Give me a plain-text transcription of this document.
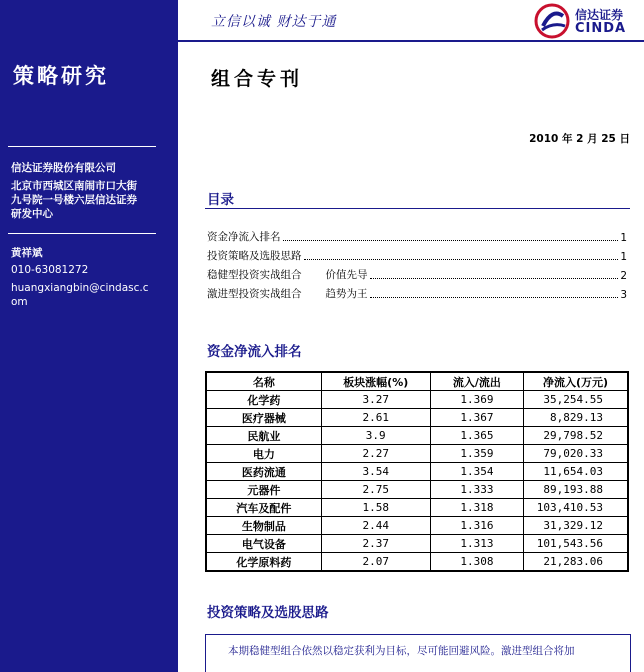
策略研究
信达证券股份有限公司
北京市西城区南闹市口大街
九号院一号楼六层信达证券
研发中心
黄祥斌
010-63081272
huangxiangbin@cindasc.c
om
立信以诚 财达于通	信达证券
CINDA
组合专刊
2010 年 2 月 25 日
目录
资金净流入排名	1
投资策略及选股思路	1
稳健型投资实战组合 价值先导	2
激进型投资实战组合 趋势为王	3
资金净流入排名
名称	板块涨幅(%)	流入/流出	净流入(万元)
化学药	3.27	1.369	35,254.55
医疗器械	2.61	1.367	8,829.13
民航业	3.9	1.365	29,798.52
电力	2.27	1.359	79,020.33
医药流通	3.54	1.354	11,654.03
元器件	2.75	1.333	89,193.88
汽车及配件	1.58	1.318	103,410.53
生物制品	2.44	1.316	31,329.12
电气设备	2.37	1.313	101,543.56
化学原料药	2.07	1.308	21,283.06
投资策略及选股思路
本期稳健型组合依然以稳定获利为目标，尽可能回避风险。激进型组合将加
